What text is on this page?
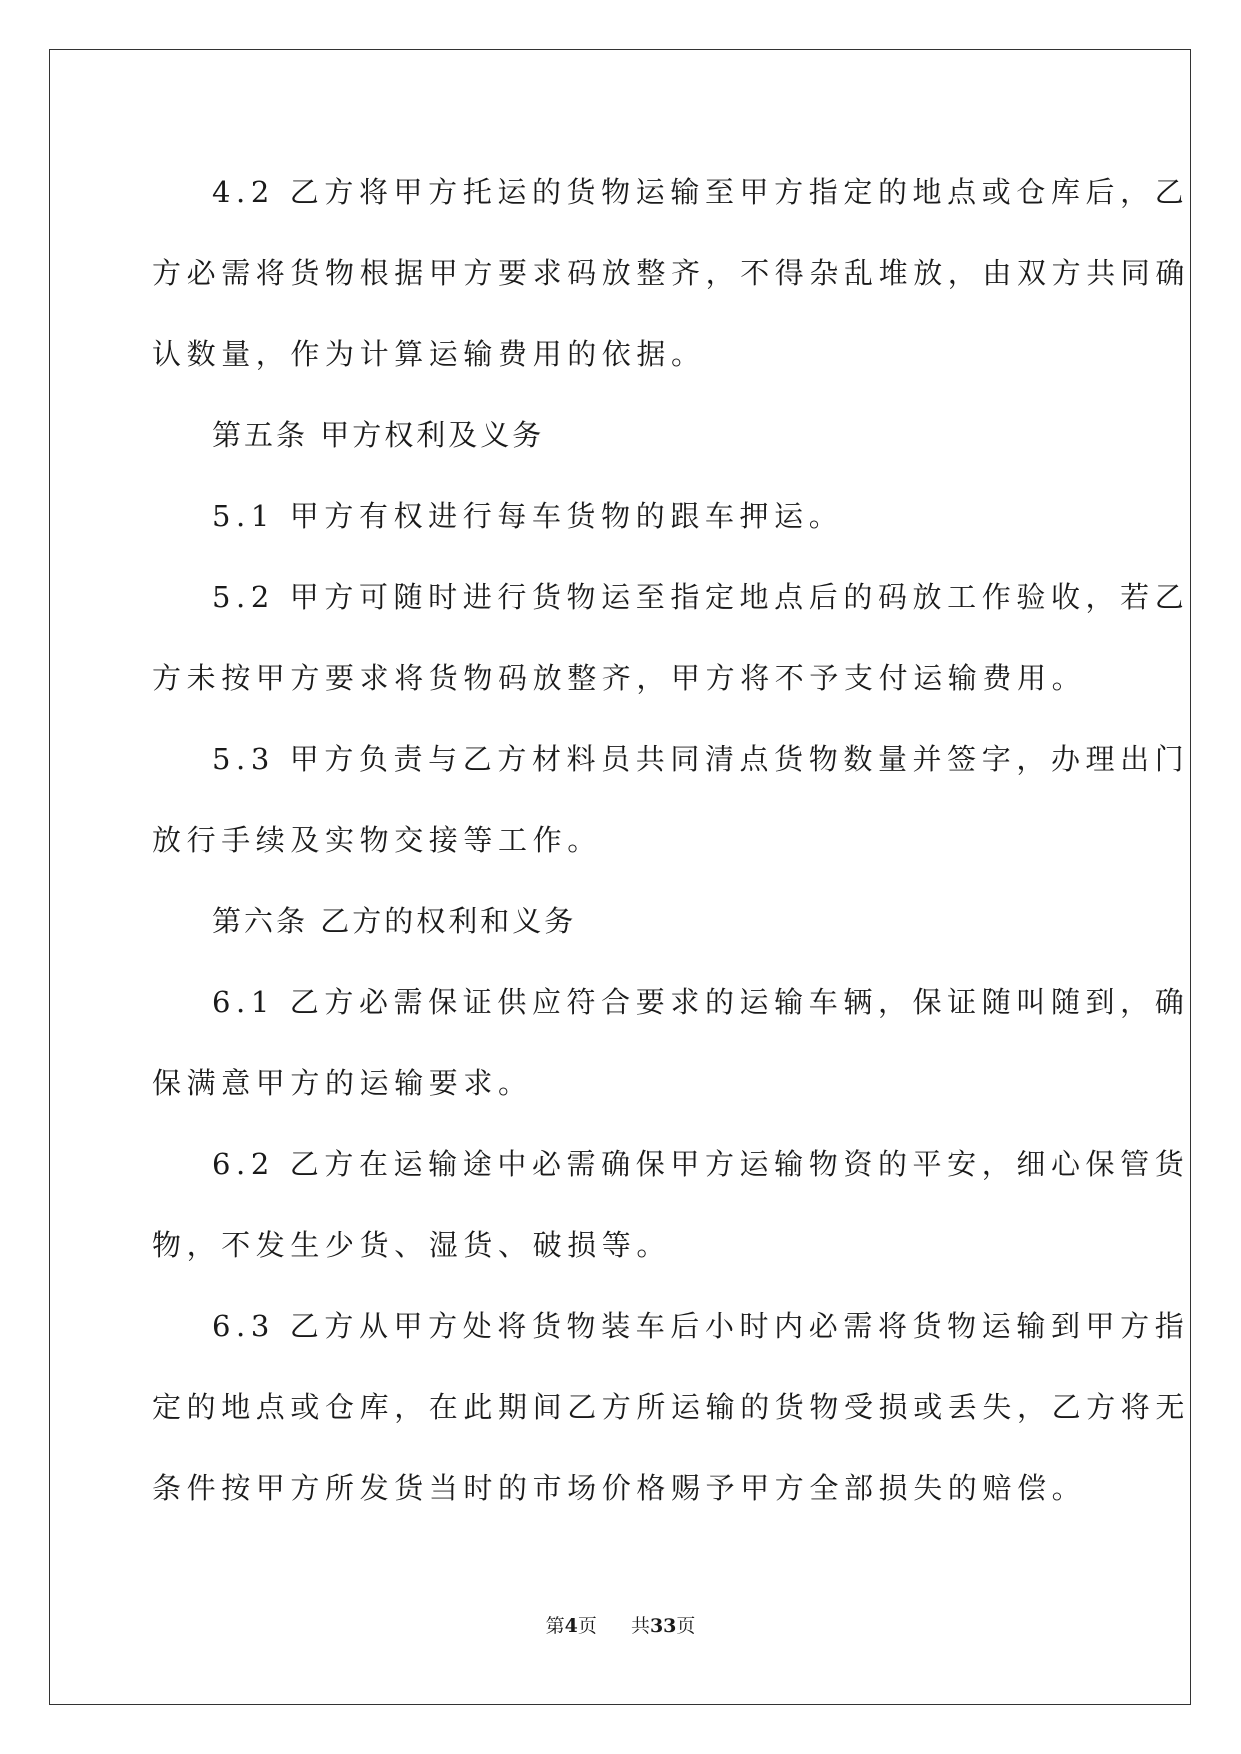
4.2 乙方将甲方托运的货物运输至甲方指定的地点或仓库后，乙
方必需将货物根据甲方要求码放整齐，不得杂乱堆放，由双方共同确
认数量，作为计算运输费用的依据。
第五条 甲方权利及义务
5.1 甲方有权进行每车货物的跟车押运。
5.2 甲方可随时进行货物运至指定地点后的码放工作验收，若乙
方未按甲方要求将货物码放整齐，甲方将不予支付运输费用。
5.3 甲方负责与乙方材料员共同清点货物数量并签字，办理出门
放行手续及实物交接等工作。
第六条 乙方的权利和义务
6.1 乙方必需保证供应符合要求的运输车辆，保证随叫随到，确
保满意甲方的运输要求。
6.2 乙方在运输途中必需确保甲方运输物资的平安，细心保管货
物，不发生少货、湿货、破损等。
6.3 乙方从甲方处将货物装车后小时内必需将货物运输到甲方指
定的地点或仓库，在此期间乙方所运输的货物受损或丢失，乙方将无
条件按甲方所发货当时的市场价格赐予甲方全部损失的赔偿。
第4页 共33页
